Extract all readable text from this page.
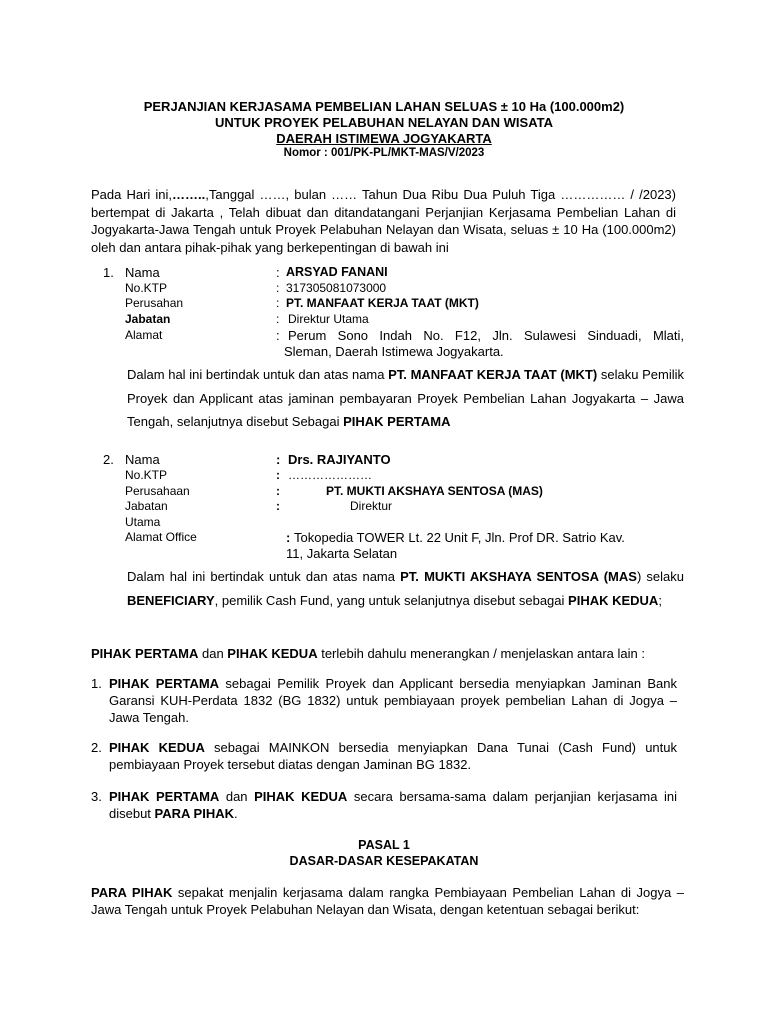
PERJANJIAN KERJASAMA PEMBELIAN LAHAN SELUAS ± 10 Ha (100.000m2)
UNTUK PROYEK PELABUHAN NELAYAN DAN WISATA
DAERAH ISTIMEWA JOGYAKARTA
Nomor : 001/PK-PL/MKT-MAS/V/2023
Pada Hari ini,……..,Tanggal ……, bulan …… Tahun Dua Ribu Dua Puluh Tiga …………… / /2023) bertempat di Jakarta , Telah dibuat dan ditandatangani Perjanjian Kerjasama Pembelian Lahan di Jogyakarta-Jawa Tengah untuk Proyek Pelabuhan Nelayan dan Wisata, seluas ± 10 Ha (100.000m2) oleh dan antara pihak-pihak yang berkepentingan di bawah ini
1. Nama	: ARSYAD FANANI
No.KTP	: 317305081073000
Perusahan	: PT. MANFAAT KERJA TAAT (MKT)
Jabatan	: Direktur Utama
Alamat	: Perum Sono Indah No. F12, Jln. Sulawesi Sinduadi, Mlati,
Sleman, Daerah Istimewa Jogyakarta.
Dalam hal ini bertindak untuk dan atas nama PT. MANFAAT KERJA TAAT (MKT) selaku Pemilik Proyek dan Applicant atas jaminan pembayaran Proyek Pembelian Lahan Jogyakarta – Jawa Tengah, selanjutnya disebut Sebagai PIHAK PERTAMA
2. Nama	: Drs. RAJIYANTO
No.KTP	: …………………
Perusahaan	:	PT. MUKTI AKSHAYA SENTOSA (MAS)
Jabatan	:	Direktur
Utama
Alamat Office	: Tokopedia TOWER Lt. 22 Unit F, Jln. Prof DR. Satrio Kav.
11, Jakarta Selatan
Dalam hal ini bertindak untuk dan atas nama PT. MUKTI AKSHAYA SENTOSA (MAS) selaku BENEFICIARY, pemilik Cash Fund, yang untuk selanjutnya disebut sebagai PIHAK KEDUA;
PIHAK PERTAMA dan PIHAK KEDUA terlebih dahulu menerangkan / menjelaskan antara lain :
1. PIHAK PERTAMA sebagai Pemilik Proyek dan Applicant bersedia menyiapkan Jaminan Bank Garansi KUH-Perdata 1832 (BG 1832) untuk pembiayaan proyek pembelian Lahan di Jogya – Jawa Tengah.
2. PIHAK KEDUA sebagai MAINKON bersedia menyiapkan Dana Tunai (Cash Fund) untuk pembiayaan Proyek tersebut diatas dengan Jaminan BG 1832.
3. PIHAK PERTAMA dan PIHAK KEDUA secara bersama-sama dalam perjanjian kerjasama ini disebut PARA PIHAK.
PASAL 1
DASAR-DASAR KESEPAKATAN
PARA PIHAK sepakat menjalin kerjasama dalam rangka Pembiayaan Pembelian Lahan di Jogya – Jawa Tengah untuk Proyek Pelabuhan Nelayan dan Wisata, dengan ketentuan sebagai berikut:
